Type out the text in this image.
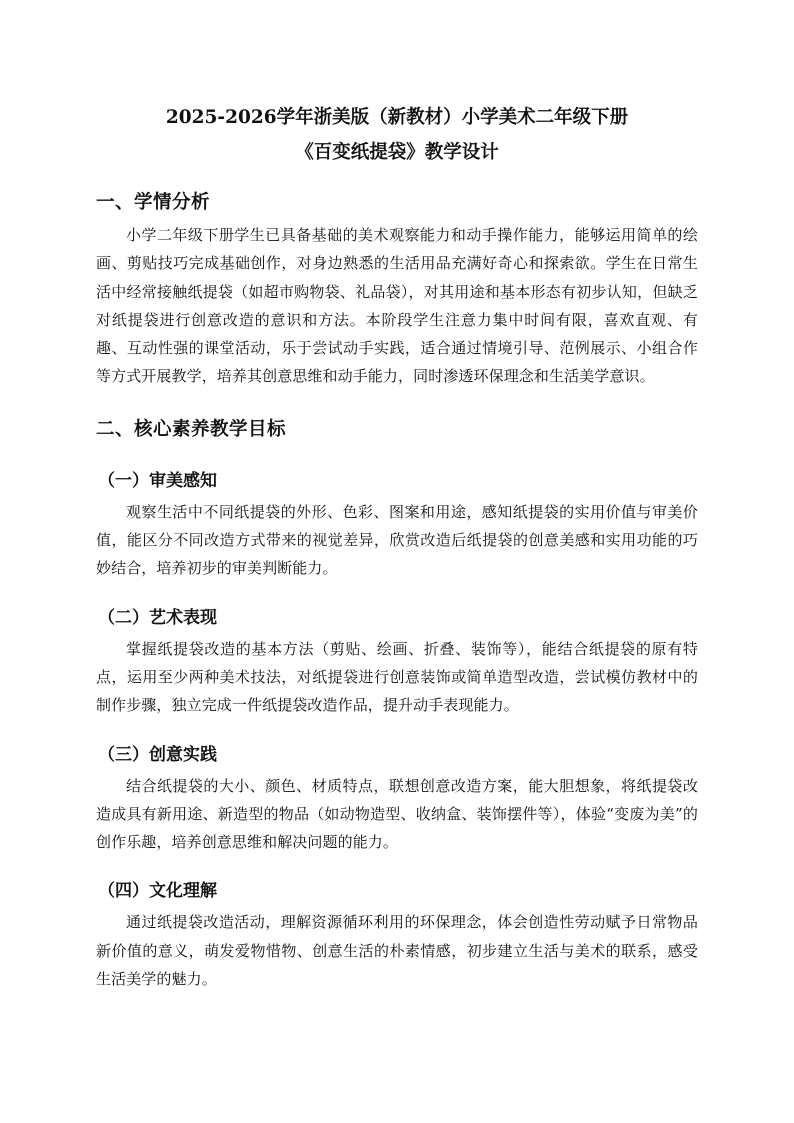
2025-2026学年浙美版（新教材）小学美术二年级下册
《百变纸提袋》教学设计
一、学情分析

小学二年级下册学生已具备基础的美术观察能力和动手操作能力，能够运用简单的绘画、剪贴技巧完成基础创作，对身边熟悉的生活用品充满好奇心和探索欲。学生在日常生活中经常接触纸提袋（如超市购物袋、礼品袋），对其用途和基本形态有初步认知，但缺乏对纸提袋进行创意改造的意识和方法。本阶段学生注意力集中时间有限，喜欢直观、有趣、互动性强的课堂活动，乐于尝试动手实践，适合通过情境引导、范例展示、小组合作等方式开展教学，培养其创意思维和动手能力，同时渗透环保理念和生活美学意识。

二、核心素养教学目标
（一）审美感知

观察生活中不同纸提袋的外形、色彩、图案和用途，感知纸提袋的实用价值与审美价值，能区分不同改造方式带来的视觉差异，欣赏改造后纸提袋的创意美感和实用功能的巧妙结合，培养初步的审美判断能力。

（二）艺术表现

掌握纸提袋改造的基本方法（剪贴、绘画、折叠、装饰等），能结合纸提袋的原有特点，运用至少两种美术技法，对纸提袋进行创意装饰或简单造型改造，尝试模仿教材中的制作步骤，独立完成一件纸提袋改造作品，提升动手表现能力。

（三）创意实践

结合纸提袋的大小、颜色、材质特点，联想创意改造方案，能大胆想象，将纸提袋改造成具有新用途、新造型的物品（如动物造型、收纳盒、装饰摆件等），体验“变废为美”的创作乐趣，培养创意思维和解决问题的能力。

（四）文化理解

通过纸提袋改造活动，理解资源循环利用的环保理念，体会创造性劳动赋予日常物品新价值的意义，萌发爱物惜物、创意生活的朴素情感，初步建立生活与美术的联系，感受生活美学的魅力。
